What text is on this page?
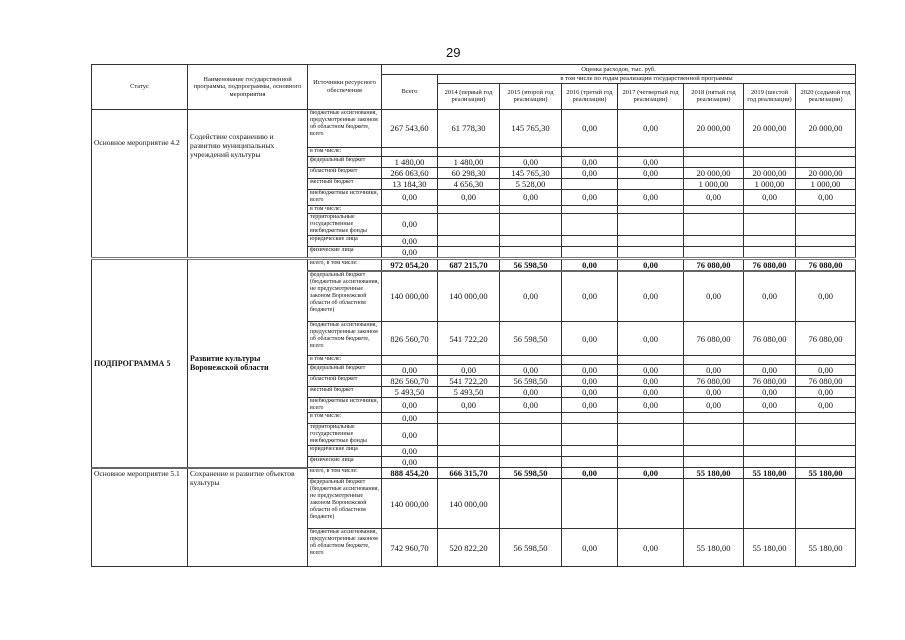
29
Статус	Наименование государственной программы, подпрограммы, основного мероприятия	Источники ресурсного обеспечения	Оценка расходов, тыс. руб.							
			Всего	в том числе по годам реализации государственной программы						
				2014 (первый год реализации)	2015 (второй год реализации)	2016 (третий год реализации)	2017 (четвертый год реализации)	2018 (пятый год реализации)	2019 (шестой год реализации)	2020 (седьмой год реализации)
Основное мероприятие 4.2	Содействие сохранению и развитию муниципальных учреждений культуры	бюджетные ассигнования, предусмотренные законом об областном бюджете, всего	267 543,60	61 778,30	145 765,30	0,00	0,00	20 000,00	20 000,00	20 000,00
		в том числе:								
		федеральный бюджет	1 480,00	1 480,00	0,00	0,00	0,00			
		областной бюджет	266 063,60	60 298,30	145 765,30	0,00	0,00	20 000,00	20 000,00	20 000,00
		местный бюджет	13 184,30	4 656,30	5 528,00			1 000,00	1 000,00	1 000,00
		внебюджетные источники, всего	0,00	0,00	0,00	0,00	0,00	0,00	0,00	0,00
		в том числе:								
		территориальные государственные внебюджетные фонды	0,00							
		юридические лица	0,00							
		физические лица	0,00							
ПОДПРОГРАММА 5	Развитие культуры Воронежской области	всего, в том числе:	972 054,20	687 215,70	56 598,50	0,00	0,00	76 080,00	76 080,00	76 080,00
		федеральный бюджет (бюджетные ассигнования, не предусмотренные законом Воронежской области об областном бюджете)	140 000,00	140 000,00	0,00	0,00	0,00	0,00	0,00	0,00
		бюджетные ассигнования, предусмотренные законом об областном бюджете, всего	826 560,70	541 722,20	56 598,50	0,00	0,00	76 080,00	76 080,00	76 080,00
		в том числе:								
		федеральный бюджет	0,00	0,00	0,00	0,00	0,00	0,00	0,00	0,00
		областной бюджет	826 560,70	541 722,20	56 598,50	0,00	0,00	76 080,00	76 080,00	76 080,00
		местный бюджет	5 493,50	5 493,50	0,00	0,00	0,00	0,00	0,00	0,00
		внебюджетные источники, всего	0,00	0,00	0,00	0,00	0,00	0,00	0,00	0,00
		в том числе:	0,00							
		территориальные государственные внебюджетные фонды	0,00							
		юридические лица	0,00							
		физические лица	0,00							
Основное мероприятие 5.1	Сохранение и развитие объектов культуры	всего, в том числе:	888 454,20	666 315,70	56 598,50	0,00	0,00	55 180,00	55 180,00	55 180,00
		федеральный бюджет (бюджетные ассигнования, не предусмотренные законом Воронежской области об областном бюджете)	140 000,00	140 000,00						
		бюджетные ассигнования, предусмотренные законом об областном бюджете, всего	742 960,70	520 822,20	56 598,50	0,00	0,00	55 180,00	55 180,00	55 180,00
